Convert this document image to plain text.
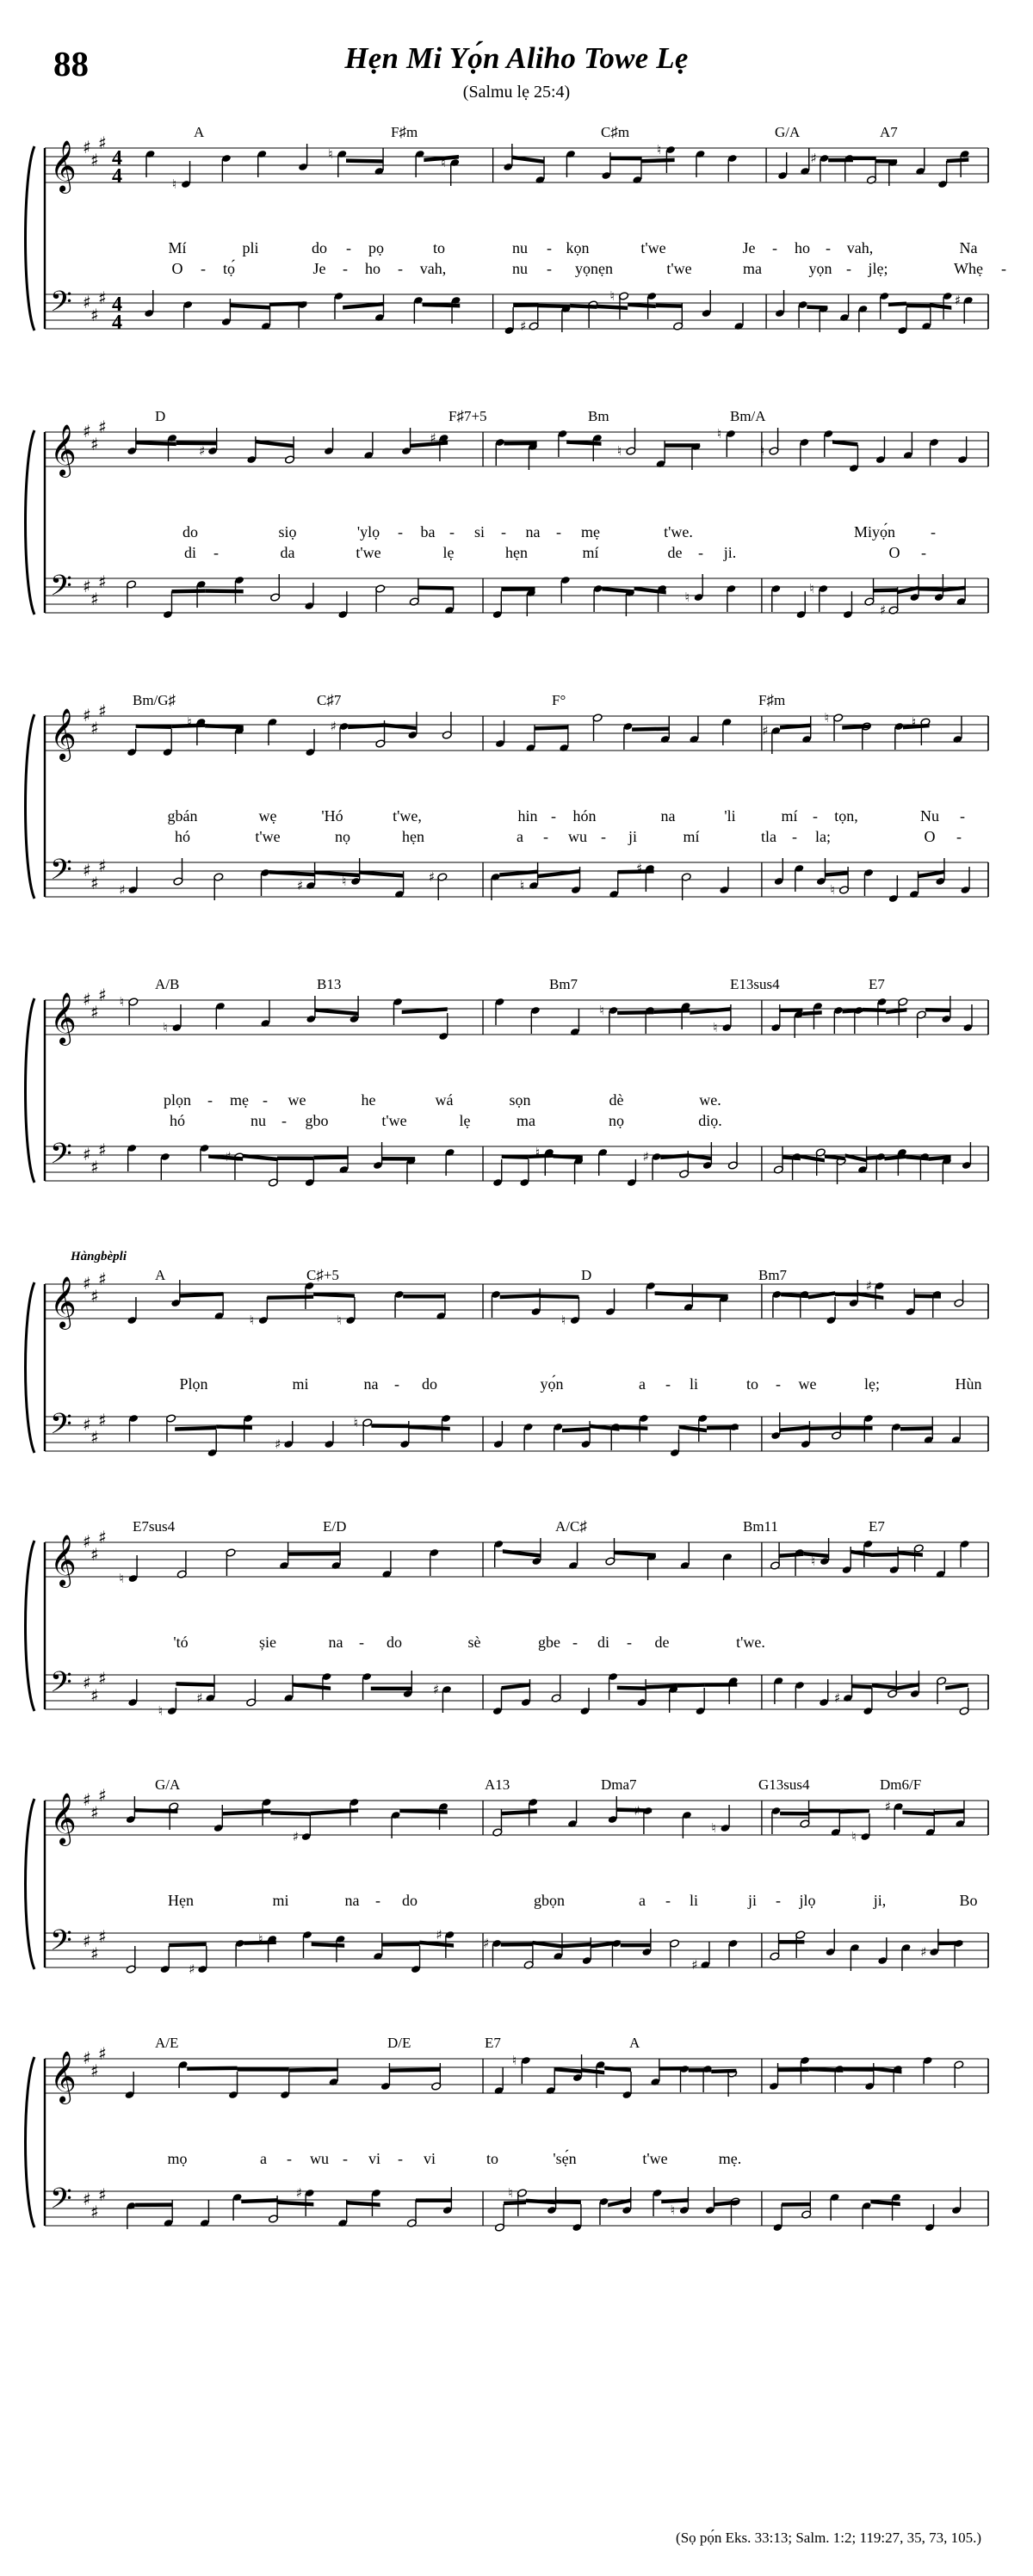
88	Hẹn Mi Yọ́n Aliho Towe Lẹ
(Salmu lẹ 25:4)
𝄞
𝄢
♯
♯
♯
♯
♯
♯
4
4
4
4
♮
♮
♮
♮
♯
♮
♯
♯
A	F♯m	C♯m	G/A	A7
Mí	pli	do - pọ	to	nu - kọn	t'we	Je - ho - vah,	Na
O - tọ́	Je - ho - vah,	nu - yọnẹn	t'we	ma	yọn - jlẹ;	Whẹ -
𝄞
𝄢
♯
♯
♯
♯
♯
♯
♯
♯
♮
♮
♮
♮
♮
♯
D	F♯7+5	Bm	Bm/A
do	siọ	'ylọ - ba - si - na - mẹ	t'we.	Miyọ́n -
di -	da	t'we	lẹ	hẹn	mí	de - ji.	O -
𝄞
𝄢
♯
♯
♯
♯
♯
♯
♮	♯
♯	♯	♮	♯
♮
♯
♯
♮	♮
♮
Bm/G♯	C♯7	F°	F♯m
gbán	wẹ	'Hó	t'we,	hin - hón	na	'li	mí - tọn,	Nu -
hó	t'we	nọ	hẹn	a - wu - ji	mí	tla - la;	O -
𝄞
𝄢
♯
♯
♯
♯
♯
♯
♮
♮
♯
♮
♮
♮	♯
A/B	B13	Bm7	E13sus4	E7
plọn - mẹ - we	he	wá	sọn	dè	we.
hó	nu - gbo	t'we	lẹ	ma	nọ	diọ.
𝄞
𝄢
♯
♯
♯
♯
♯
♯
♮	♮
♯
♮
♮
♯
Hàngbèpli
A	C♯+5	D	Bm7
Plọn	mi	na - do	yọ́n	a - li	to - we	lẹ;	Hùn
𝄞
𝄢
♯
♯
♯
♯
♯
♯
♮
♮
♯
♯
♮
♯
E7sus4	E/D	A/C♯	Bm11	E7
'tó	șie	na - do	sè	gbe - di - de	t'we.
𝄞
𝄢
♯
♯
♯
♯
♯
♯
♯
♯
♮	♯
♯
♮
♯
♯
♮
♯
♯
G/A	A13	Dma7	G13sus4	Dm6/F
Hẹn	mi	na - do	gbọn	a - li	ji - jlọ	ji,	Bo
𝄞
𝄢
♯
♯
♯
♯
♯
♯	♯
♮
♮
♮
A/E	D/E	E7	A
mọ	a - wu - vi - vi	to	'sẹ́n	t'we	mẹ.
(Sọ pọ́n Eks. 33:13; Salm. 1:2; 119:27, 35, 73, 105.)
